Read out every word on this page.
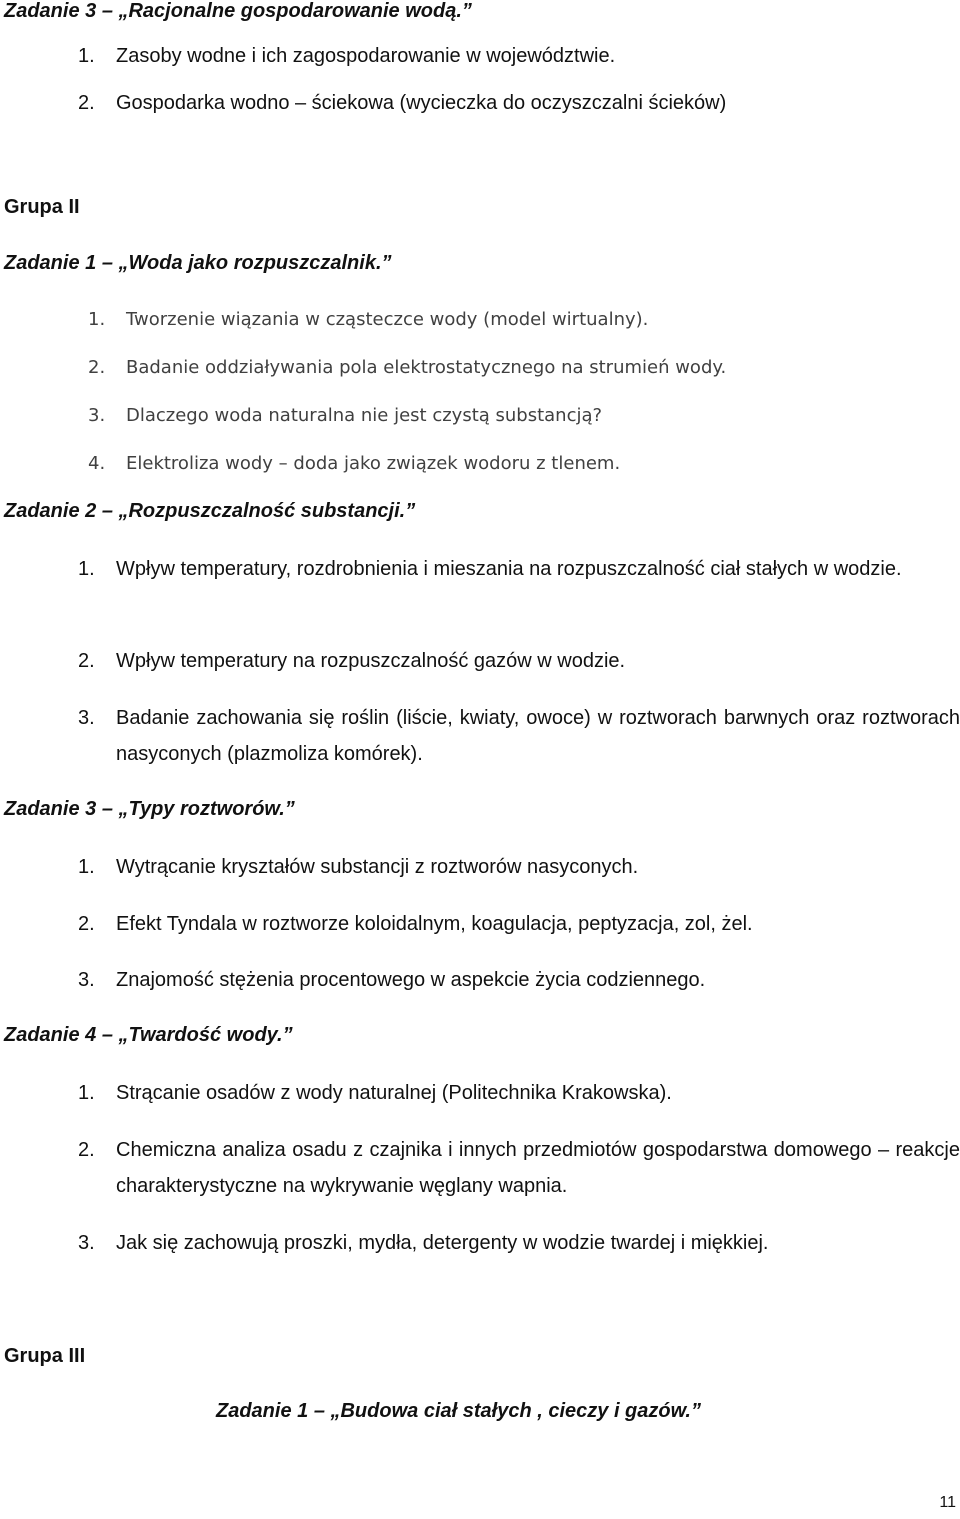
Zadanie 3 – „Racjonalne gospodarowanie wodą.”
1. Zasoby wodne i ich zagospodarowanie w województwie.
2. Gospodarka wodno – ściekowa (wycieczka do oczyszczalni ścieków)
Grupa II
Zadanie 1 – „Woda jako rozpuszczalnik.”
1. Tworzenie wiązania w cząsteczce wody (model wirtualny).
2. Badanie oddziaływania pola elektrostatycznego na strumień wody.
3. Dlaczego woda naturalna nie jest czystą substancją?
4. Elektroliza wody – doda jako związek wodoru z tlenem.
Zadanie 2 – „Rozpuszczalność substancji.”
1. Wpływ temperatury, rozdrobnienia i mieszania na rozpuszczalność ciał stałych w wodzie.
2. Wpływ temperatury na rozpuszczalność gazów w wodzie.
3. Badanie zachowania się roślin (liście, kwiaty, owoce) w roztworach barwnych oraz roztworach nasyconych (plazmoliza komórek).
Zadanie 3 – „Typy roztworów.”
1. Wytrącanie kryształów substancji z roztworów nasyconych.
2. Efekt Tyndala w roztworze koloidalnym, koagulacja, peptyzacja, zol, żel.
3. Znajomość stężenia procentowego w aspekcie życia codziennego.
Zadanie 4 – „Twardość wody.”
1. Strącanie osadów z wody naturalnej (Politechnika Krakowska).
2. Chemiczna analiza osadu z czajnika i innych przedmiotów gospodarstwa domowego – reakcje charakterystyczne na wykrywanie węglany wapnia.
3. Jak się zachowują proszki, mydła, detergenty w wodzie twardej i miękkiej.
Grupa III
Zadanie 1 – „Budowa ciał stałych , cieczy i gazów.”
11
